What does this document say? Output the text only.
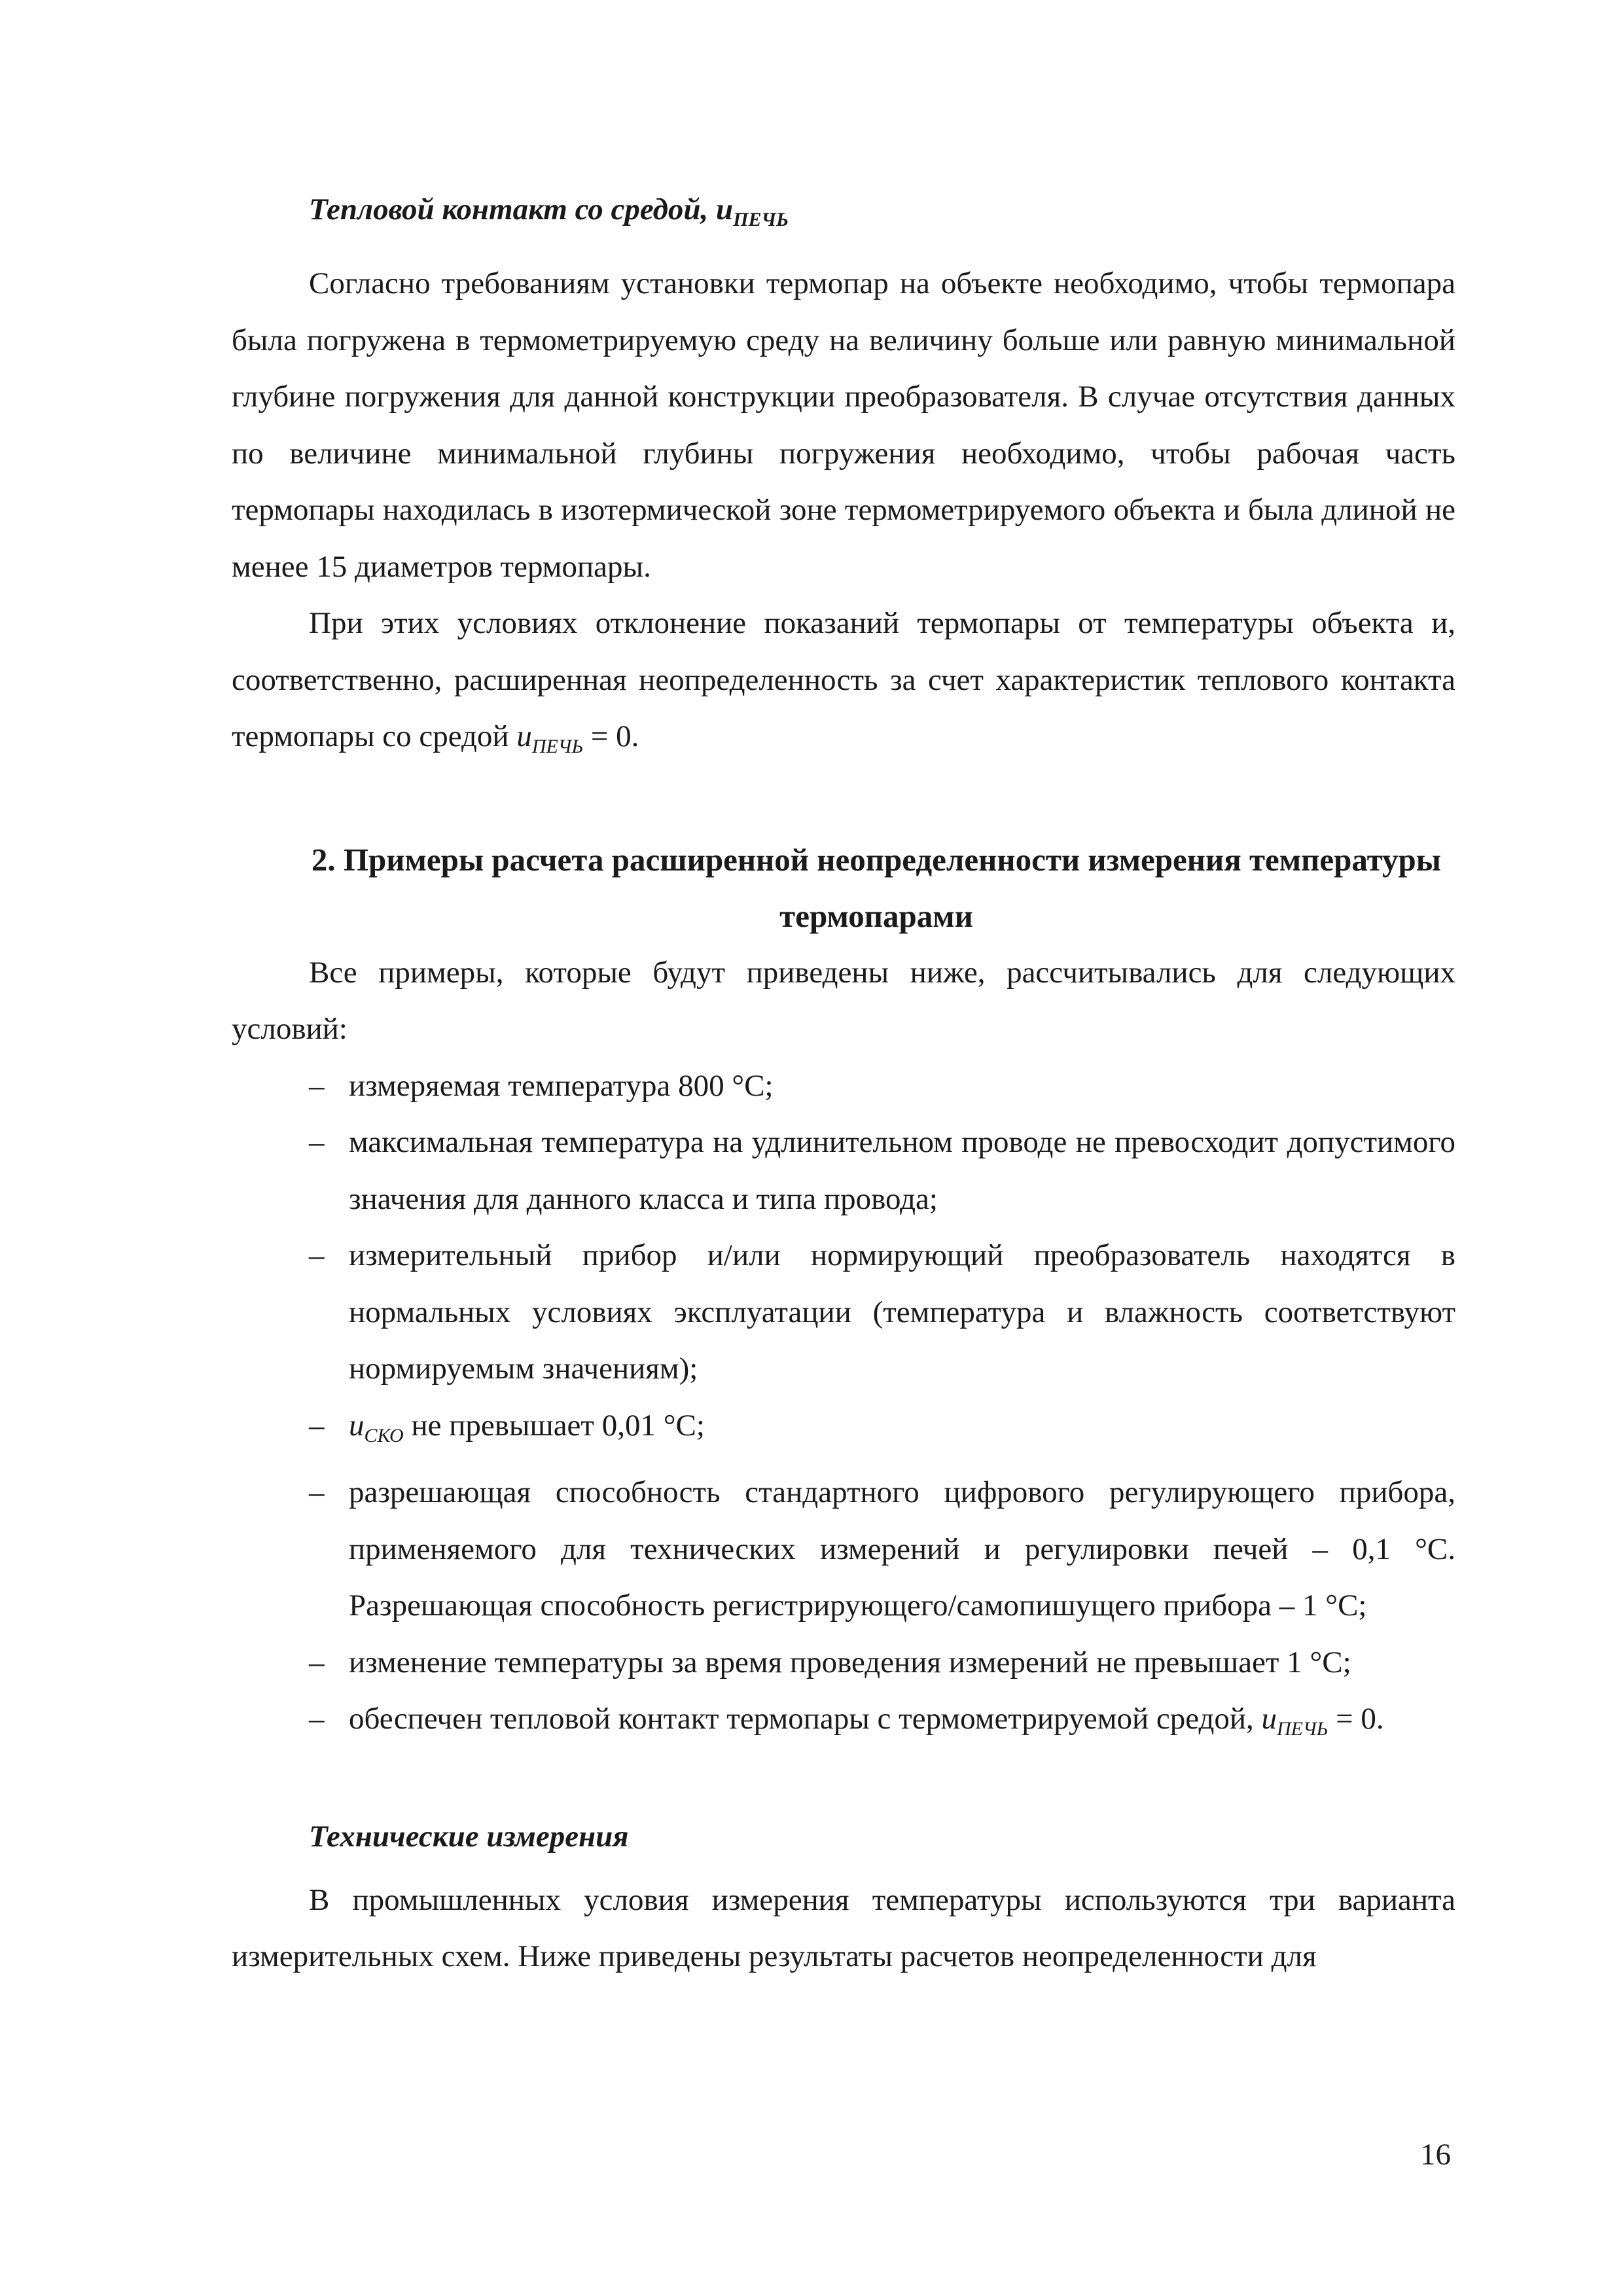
Тепловой контакт со средой, $u_{ПЕЧЬ}$

Согласно требованиям установки термопар на объекте необходимо, чтобы термопара была погружена в термометрируемую среду на величину больше или равную минимальной глубине погружения для данной конструкции преобразователя. В случае отсутствия данных по величине минимальной глубины погружения необходимо, чтобы рабочая часть термопары находилась в изотермической зоне термометрируемого объекта и была длиной не менее 15 диаметров термопары.

При этих условиях отклонение показаний термопары от температуры объекта и, соответственно, расширенная неопределенность за счет характеристик теплового контакта термопары со средой $u_{ПЕЧЬ} = 0$.

2. Примеры расчета расширенной неопределенности измерения температуры
термопарами

Все примеры, которые будут приведены ниже, рассчитывались для следующих условий:

– измеряемая температура 800 °С;
– максимальная температура на удлинительном проводе не превосходит допустимого значения для данного класса и типа провода;
– измерительный прибор и/или нормирующий преобразователь находятся в нормальных условиях эксплуатации (температура и влажность соответствуют нормируемым значениям);
– $u_{СКО}$ не превышает 0,01 °С;
– разрешающая способность стандартного цифрового регулирующего прибора, применяемого для технических измерений и регулировки печей – 0,1 °С. Разрешающая способность регистрирующего/самопишущего прибора – 1 °С;
– изменение температуры за время проведения измерений не превышает 1 °С;
– обеспечен тепловой контакт термопары с термометрируемой средой, $u_{ПЕЧЬ} = 0$.

Технические измерения

В промышленных условия измерения температуры используются три варианта измерительных схем. Ниже приведены результаты расчетов неопределенности для

16
